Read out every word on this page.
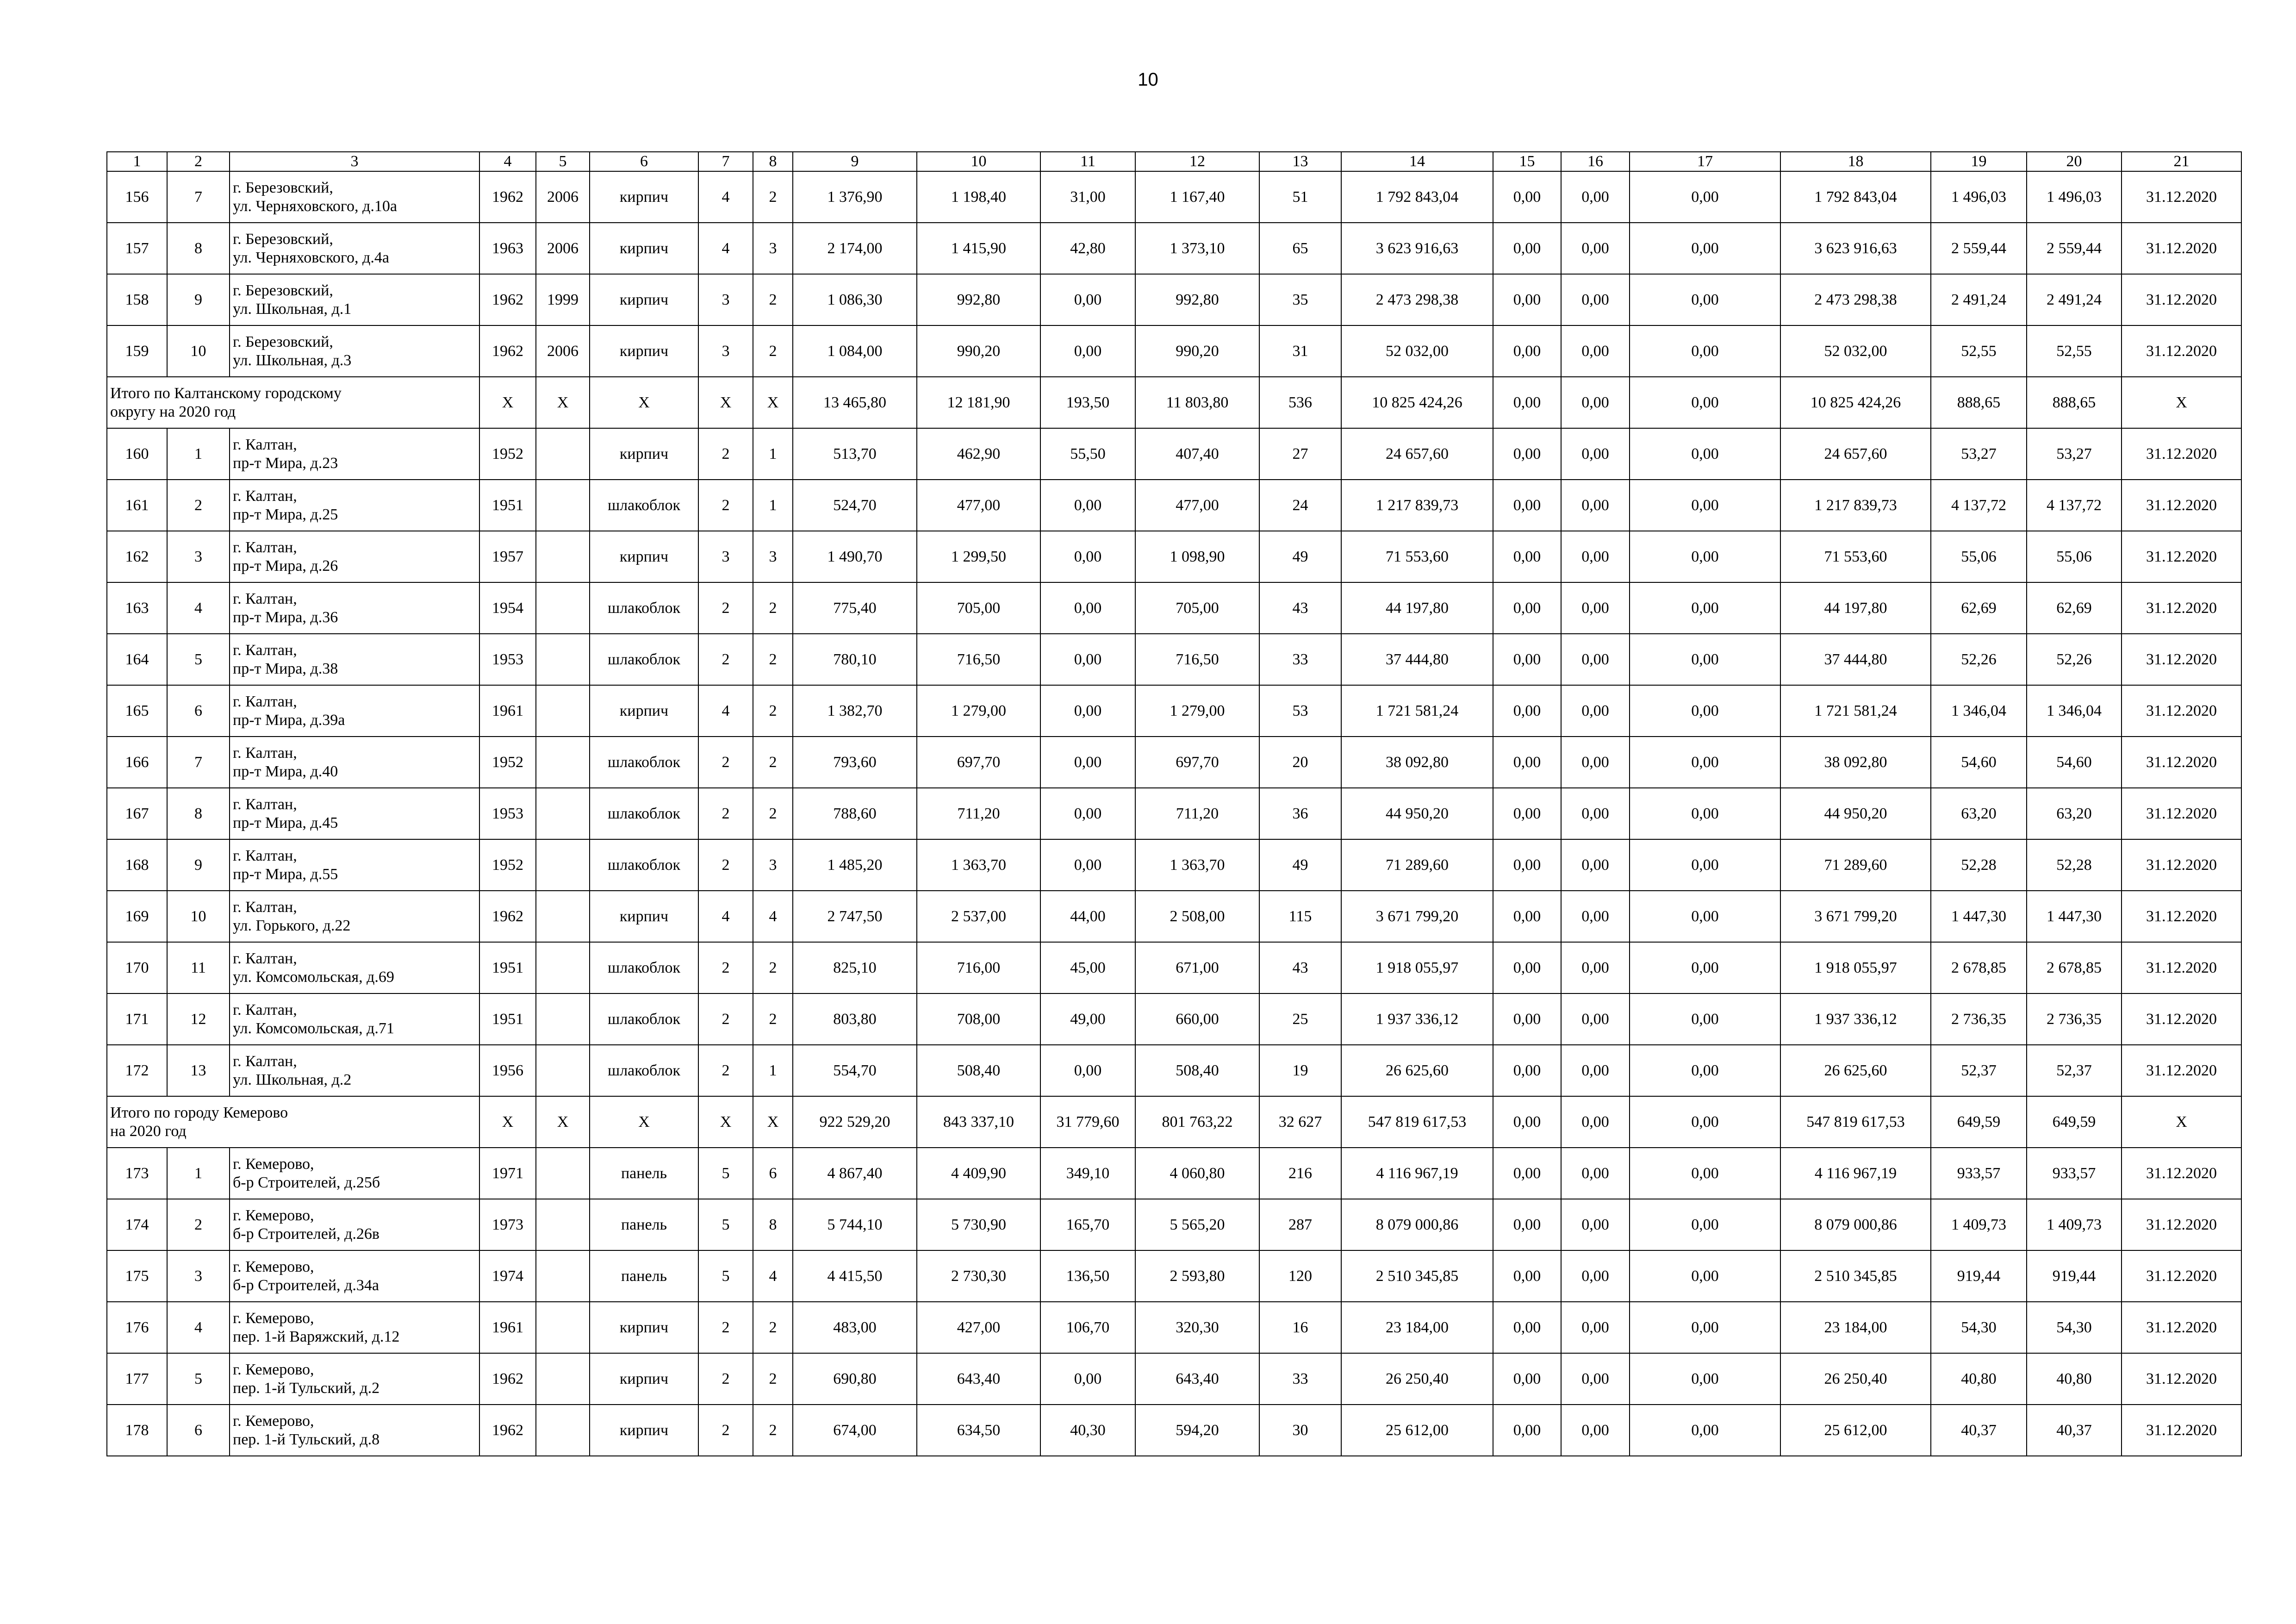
10
1	2	3	4	5	6	7	8	9	10	11	12	13	14	15	16	17	18	19	20	21
156	7	г. Березовский,
ул. Черняховского, д.10а	1962	2006	кирпич	4	2	1 376,90	1 198,40	31,00	1 167,40	51	1 792 843,04	0,00	0,00	0,00	1 792 843,04	1 496,03	1 496,03	31.12.2020
157	8	г. Березовский,
ул. Черняховского, д.4а	1963	2006	кирпич	4	3	2 174,00	1 415,90	42,80	1 373,10	65	3 623 916,63	0,00	0,00	0,00	3 623 916,63	2 559,44	2 559,44	31.12.2020
158	9	г. Березовский,
ул. Школьная, д.1	1962	1999	кирпич	3	2	1 086,30	992,80	0,00	992,80	35	2 473 298,38	0,00	0,00	0,00	2 473 298,38	2 491,24	2 491,24	31.12.2020
159	10	г. Березовский,
ул. Школьная, д.3	1962	2006	кирпич	3	2	1 084,00	990,20	0,00	990,20	31	52 032,00	0,00	0,00	0,00	52 032,00	52,55	52,55	31.12.2020
Итого по Калтанскому городскому
округу на 2020 год			X	X	X	X	X	13 465,80	12 181,90	193,50	11 803,80	536	10 825 424,26	0,00	0,00	0,00	10 825 424,26	888,65	888,65	X
160	1	г. Калтан,
пр-т Мира, д.23	1952		кирпич	2	1	513,70	462,90	55,50	407,40	27	24 657,60	0,00	0,00	0,00	24 657,60	53,27	53,27	31.12.2020
161	2	г. Калтан,
пр-т Мира, д.25	1951		шлакоблок	2	1	524,70	477,00	0,00	477,00	24	1 217 839,73	0,00	0,00	0,00	1 217 839,73	4 137,72	4 137,72	31.12.2020
162	3	г. Калтан,
пр-т Мира, д.26	1957		кирпич	3	3	1 490,70	1 299,50	0,00	1 098,90	49	71 553,60	0,00	0,00	0,00	71 553,60	55,06	55,06	31.12.2020
163	4	г. Калтан,
пр-т Мира, д.36	1954		шлакоблок	2	2	775,40	705,00	0,00	705,00	43	44 197,80	0,00	0,00	0,00	44 197,80	62,69	62,69	31.12.2020
164	5	г. Калтан,
пр-т Мира, д.38	1953		шлакоблок	2	2	780,10	716,50	0,00	716,50	33	37 444,80	0,00	0,00	0,00	37 444,80	52,26	52,26	31.12.2020
165	6	г. Калтан,
пр-т Мира, д.39а	1961		кирпич	4	2	1 382,70	1 279,00	0,00	1 279,00	53	1 721 581,24	0,00	0,00	0,00	1 721 581,24	1 346,04	1 346,04	31.12.2020
166	7	г. Калтан,
пр-т Мира, д.40	1952		шлакоблок	2	2	793,60	697,70	0,00	697,70	20	38 092,80	0,00	0,00	0,00	38 092,80	54,60	54,60	31.12.2020
167	8	г. Калтан,
пр-т Мира, д.45	1953		шлакоблок	2	2	788,60	711,20	0,00	711,20	36	44 950,20	0,00	0,00	0,00	44 950,20	63,20	63,20	31.12.2020
168	9	г. Калтан,
пр-т Мира, д.55	1952		шлакоблок	2	3	1 485,20	1 363,70	0,00	1 363,70	49	71 289,60	0,00	0,00	0,00	71 289,60	52,28	52,28	31.12.2020
169	10	г. Калтан,
ул. Горького, д.22	1962		кирпич	4	4	2 747,50	2 537,00	44,00	2 508,00	115	3 671 799,20	0,00	0,00	0,00	3 671 799,20	1 447,30	1 447,30	31.12.2020
170	11	г. Калтан,
ул. Комсомольская, д.69	1951		шлакоблок	2	2	825,10	716,00	45,00	671,00	43	1 918 055,97	0,00	0,00	0,00	1 918 055,97	2 678,85	2 678,85	31.12.2020
171	12	г. Калтан,
ул. Комсомольская, д.71	1951		шлакоблок	2	2	803,80	708,00	49,00	660,00	25	1 937 336,12	0,00	0,00	0,00	1 937 336,12	2 736,35	2 736,35	31.12.2020
172	13	г. Калтан,
ул. Школьная, д.2	1956		шлакоблок	2	1	554,70	508,40	0,00	508,40	19	26 625,60	0,00	0,00	0,00	26 625,60	52,37	52,37	31.12.2020
Итого по городу Кемерово
на 2020 год			X	X	X	X	X	922 529,20	843 337,10	31 779,60	801 763,22	32 627	547 819 617,53	0,00	0,00	0,00	547 819 617,53	649,59	649,59	X
173	1	г. Кемерово,
б-р Строителей, д.25б	1971		панель	5	6	4 867,40	4 409,90	349,10	4 060,80	216	4 116 967,19	0,00	0,00	0,00	4 116 967,19	933,57	933,57	31.12.2020
174	2	г. Кемерово,
б-р Строителей, д.26в	1973		панель	5	8	5 744,10	5 730,90	165,70	5 565,20	287	8 079 000,86	0,00	0,00	0,00	8 079 000,86	1 409,73	1 409,73	31.12.2020
175	3	г. Кемерово,
б-р Строителей, д.34а	1974		панель	5	4	4 415,50	2 730,30	136,50	2 593,80	120	2 510 345,85	0,00	0,00	0,00	2 510 345,85	919,44	919,44	31.12.2020
176	4	г. Кемерово,
пер. 1-й Варяжский, д.12	1961		кирпич	2	2	483,00	427,00	106,70	320,30	16	23 184,00	0,00	0,00	0,00	23 184,00	54,30	54,30	31.12.2020
177	5	г. Кемерово,
пер. 1-й Тульский, д.2	1962		кирпич	2	2	690,80	643,40	0,00	643,40	33	26 250,40	0,00	0,00	0,00	26 250,40	40,80	40,80	31.12.2020
178	6	г. Кемерово,
пер. 1-й Тульский, д.8	1962		кирпич	2	2	674,00	634,50	40,30	594,20	30	25 612,00	0,00	0,00	0,00	25 612,00	40,37	40,37	31.12.2020
